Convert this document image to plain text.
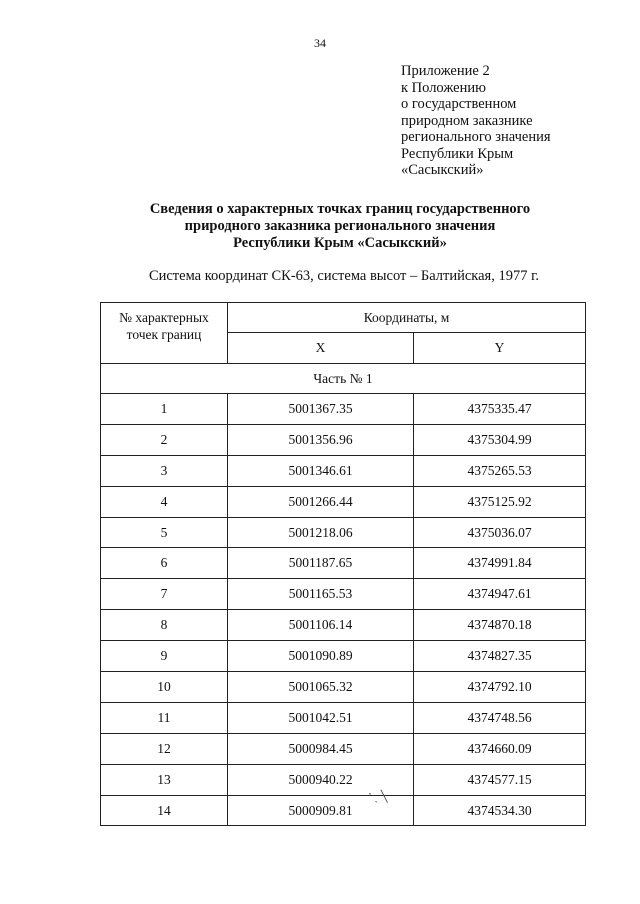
34
Приложение 2
к Положению
о государственном
природном заказнике
регионального значения
Республики Крым
«Сасыкский»
Сведения о характерных точках границ государственного
природного заказника регионального значения
Республики Крым «Сасыкский»
Система координат СК-63, система высот – Балтийская, 1977 г.
№ характерных
точек границ	Координаты, м	
	X	Y
Часть № 1		
1	5001367.35	4375335.47
2	5001356.96	4375304.99
3	5001346.61	4375265.53
4	5001266.44	4375125.92
5	5001218.06	4375036.07
6	5001187.65	4374991.84
7	5001165.53	4374947.61
8	5001106.14	4374870.18
9	5001090.89	4374827.35
10	5001065.32	4374792.10
11	5001042.51	4374748.56
12	5000984.45	4374660.09
13	5000940.22	4374577.15
14	5000909.81	4374534.30
ʼ ˏ ╲
